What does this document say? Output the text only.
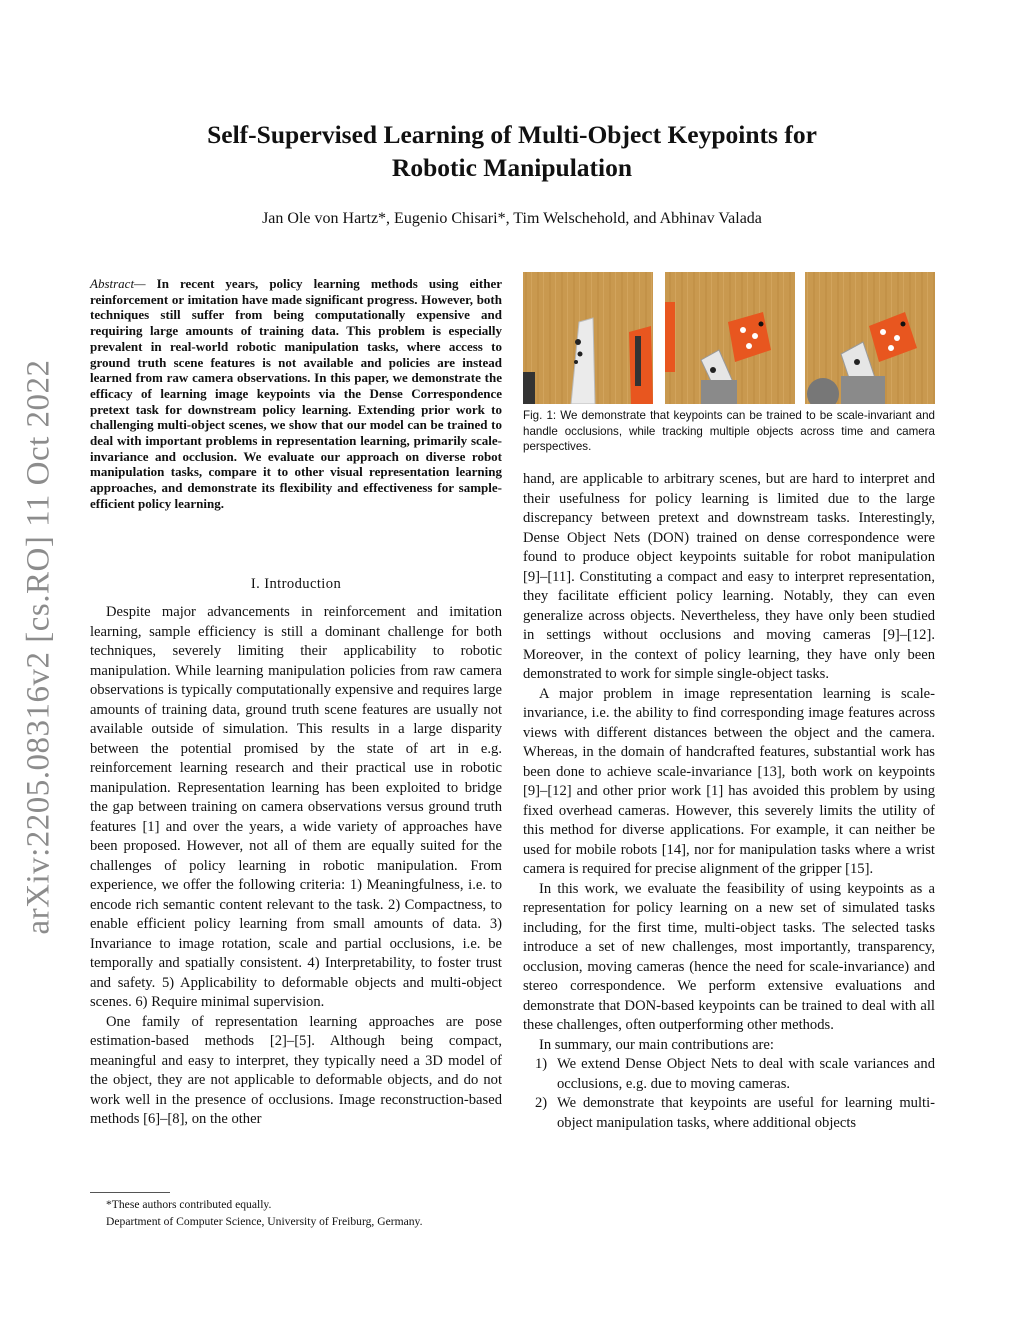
arXiv:2205.08316v2 [cs.RO] 11 Oct 2022
Self-Supervised Learning of Multi-Object Keypoints for
Robotic Manipulation
Jan Ole von Hartz*, Eugenio Chisari*, Tim Welschehold, and Abhinav Valada
Abstract— In recent years, policy learning methods using either reinforcement or imitation have made significant progress. However, both techniques still suffer from being computationally expensive and requiring large amounts of training data. This problem is especially prevalent in real-world robotic manipulation tasks, where access to ground truth scene features is not available and policies are instead learned from raw camera observations. In this paper, we demonstrate the efficacy of learning image keypoints via the Dense Correspondence pretext task for downstream policy learning. Extending prior work to challenging multi-object scenes, we show that our model can be trained to deal with important problems in representation learning, primarily scale-invariance and occlusion. We evaluate our approach on diverse robot manipulation tasks, compare it to other visual representation learning approaches, and demonstrate its flexibility and effectiveness for sample-efficient policy learning.
I. Introduction

Despite major advancements in reinforcement and imitation learning, sample efficiency is still a dominant challenge for both techniques, severely limiting their applicability to robotic manipulation. While learning manipulation policies from raw camera observations is typically computationally expensive and requires large amounts of training data, ground truth scene features are usually not available outside of simulation. This results in a large disparity between the potential promised by the state of art in e.g. reinforcement learning research and their practical use in robotic manipulation. Representation learning has been exploited to bridge the gap between training on camera observations versus ground truth features [1] and over the years, a wide variety of approaches have been proposed. However, not all of them are equally suited for the challenges of policy learning in robotic manipulation. From experience, we offer the following criteria: 1) Meaningfulness, i.e. to encode rich semantic content relevant to the task. 2) Compactness, to enable efficient policy learning from small amounts of data. 3) Invariance to image rotation, scale and partial occlusions, i.e. be temporally and spatially consistent. 4) Interpretability, to foster trust and safety. 5) Applicability to deformable objects and multi-object scenes. 6) Require minimal supervision.

One family of representation learning approaches are pose estimation-based methods [2]–[5]. Although being compact, meaningful and easy to interpret, they typically need a 3D model of the object, they are not applicable to deformable objects, and do not work well in the presence of occlusions. Image reconstruction-based methods [6]–[8], on the other

*These authors contributed equally.
Department of Computer Science, University of Freiburg, Germany.
Fig. 1: We demonstrate that keypoints can be trained to be scale-invariant and handle occlusions, while tracking multiple objects across time and camera perspectives.

hand, are applicable to arbitrary scenes, but are hard to interpret and their usefulness for policy learning is limited due to the large discrepancy between pretext and downstream tasks. Interestingly, Dense Object Nets (DON) trained on dense correspondence were found to produce object keypoints suitable for robot manipulation [9]–[11]. Constituting a compact and easy to interpret representation, they facilitate efficient policy learning. Notably, they can even generalize across objects. Nevertheless, they have only been studied in settings without occlusions and moving cameras [9]–[12]. Moreover, in the context of policy learning, they have only been demonstrated to work for simple single-object tasks.

A major problem in image representation learning is scale-invariance, i.e. the ability to find corresponding image features across views with different distances between the object and the camera. Whereas, in the domain of handcrafted features, substantial work has been done to achieve scale-invariance [13], both work on keypoints [9]–[12] and other prior work [1] has avoided this problem by using fixed overhead cameras. However, this severely limits the utility of this method for diverse applications. For example, it can neither be used for mobile robots [14], nor for manipulation tasks where a wrist camera is required for precise alignment of the gripper [15].

In this work, we evaluate the feasibility of using keypoints as a representation for policy learning on a new set of simulated tasks including, for the first time, multi-object tasks. The selected tasks introduce a set of new challenges, most importantly, transparency, occlusion, moving cameras (hence the need for scale-invariance) and stereo correspondence. We perform extensive evaluations and demonstrate that DON-based keypoints can be trained to deal with all these challenges, often outperforming other methods.

In summary, our main contributions are:

1) We extend Dense Object Nets to deal with scale variances and occlusions, e.g. due to moving cameras.
2) We demonstrate that keypoints are useful for learning multi-object manipulation tasks, where additional objects
